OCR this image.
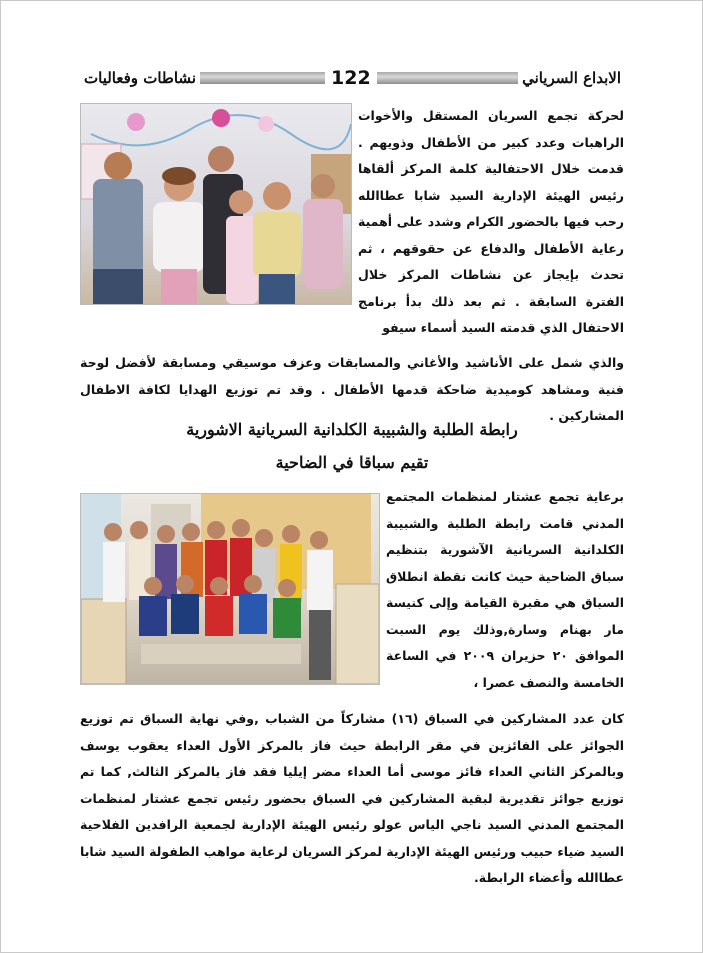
الابداع السرياني
122
نشاطات وفعاليات

لحركة تجمع السريان المستقل والأخوات الراهبات وعدد كبير من الأطفال وذويهم . قدمت خلال الاحتفالية كلمة المركز ألقاها رئيس الهيئة الإدارية السيد شابا عطاالله رحب فيها بالحضور الكرام وشدد على أهمية رعاية الأطفال والدفاع عن حقوقهم ، ثم تحدث بإيجاز عن نشاطات المركز خلال الفترة السابقة . ثم بعد ذلك بدأ برنامج الاحتفال الذي قدمته السيد أسماء سيفو

والذي شمل على الأناشيد والأغاني والمسابقات وعزف موسيقي ومسابقة لأفضل لوحة فنية ومشاهد كوميدية ضاحكة قدمها الأطفال . وقد تم توزيع الهدايا لكافة الاطفال المشاركين .

رابطة الطلبة والشبيبة الكلدانية السريانية الاشورية
تقيم سباقا في الضاحية

برعاية تجمع عشتار لمنظمات المجتمع المدني قامت رابطة الطلبة والشبيبة الكلدانية السريانية الآشورية بتنظيم سباق الضاحية حيث كانت نقطة انطلاق السباق هي مقبرة القيامة وإلى كنيسة مار بهنام وسارة,وذلك يوم السبت الموافق ٢٠ حزيران ٢٠٠٩ في الساعة الخامسة والنصف عصرا ،

كان عدد المشاركين في السباق (١٦) مشاركاً من الشباب ,وفي نهاية السباق تم توزيع الجوائز على الفائزين في مقر الرابطة حيث فاز بالمركز الأول العداء يعقوب يوسف وبالمركز الثاني العداء فائز موسى أما العداء مضر إيليا فقد فاز بالمركز الثالث, كما تم توزيع جوائز تقديرية لبقية المشاركين في السباق بحضور رئيس تجمع عشتار لمنظمات المجتمع المدني السيد ناجي الياس عولو رئيس الهيئة الإدارية لجمعية الرافدين الفلاحية السيد ضياء حبيب ورئيس الهيئة الإدارية لمركز السريان لرعاية مواهب الطفولة السيد شابا عطاالله وأعضاء الرابطة.
